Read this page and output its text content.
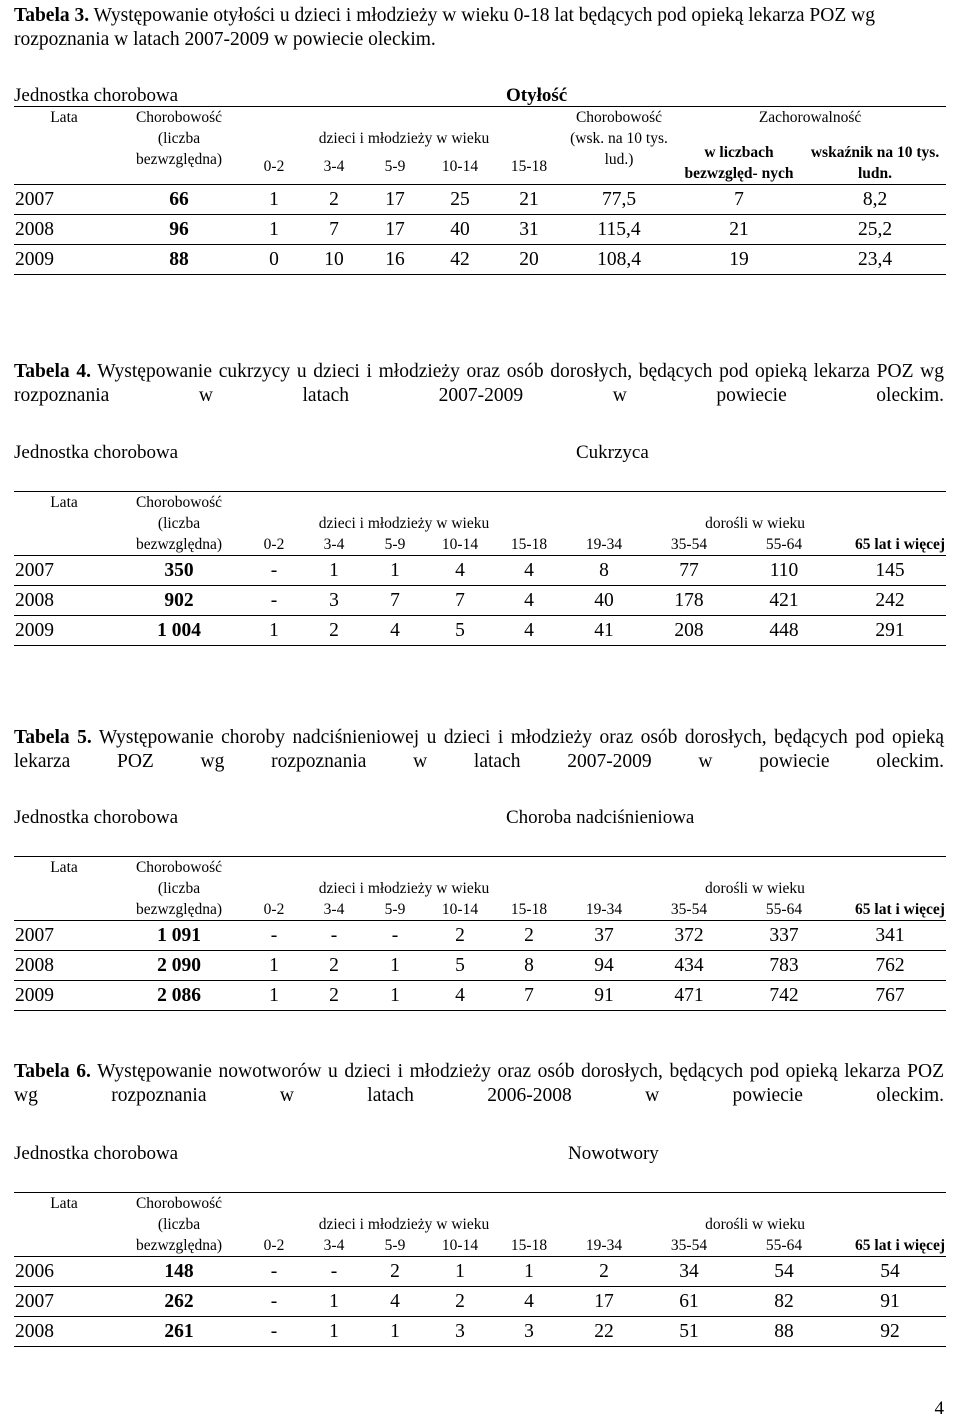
Tabela 3. Występowanie otyłości u dzieci i młodzieży w wieku 0-18 lat będących pod opieką lekarza POZ wg rozpoznania w latach 2007-2009 w powiecie oleckim.
Jednostka chorobowa			Otyłość						
Lata	Chorobowość (liczba bezwzględna)						Chorobowość (wsk. na 10 tys. lud.)	Zachorowalność	
		dzieci i młodzieży w wieku						w liczbach bezwzględ- nych	wskaźnik na 10 tys. ludn.
		0-2	3-4	5-9	10-14	15-18			
2007	66	1	2	17	25	21	77,5	7	8,2
2008	96	1	7	17	40	31	115,4	21	25,2
2009	88	0	10	16	42	20	108,4	19	23,4
Tabela 4. Występowanie cukrzycy u dzieci i młodzieży oraz osób dorosłych, będących pod opieką lekarza POZ wg rozpoznania w latach 2007-2009 w powiecie oleckim.
Jednostka chorobowa			Cukrzyca							
Lata	Chorobowość (liczba bezwzględna)									
		dzieci i młodzieży w wieku					dorośli w wieku			
		0-2	3-4	5-9	10-14	15-18	19-34	35-54	55-64	65 lat i więcej
2007	350	-	1	1	4	4	8	77	110	145
2008	902	-	3	7	7	4	40	178	421	242
2009	1 004	1	2	4	5	4	41	208	448	291
Tabela 5. Występowanie choroby nadciśnieniowej u dzieci i młodzieży oraz osób dorosłych, będących pod opieką lekarza POZ wg rozpoznania w latach 2007-2009 w powiecie oleckim.
Jednostka chorobowa			Choroba nadciśnieniowa							
Lata	Chorobowość (liczba bezwzględna)									
		dzieci i młodzieży w wieku					dorośli w wieku			
		0-2	3-4	5-9	10-14	15-18	19-34	35-54	55-64	65 lat i więcej
2007	1 091	-	-	-	2	2	37	372	337	341
2008	2 090	1	2	1	5	8	94	434	783	762
2009	2 086	1	2	1	4	7	91	471	742	767
Tabela 6. Występowanie nowotworów u dzieci i młodzieży oraz osób dorosłych, będących pod opieką lekarza POZ wg rozpoznania w latach 2006-2008 w powiecie oleckim.
Jednostka chorobowa			Nowotwory							
Lata	Chorobowość (liczba bezwzględna)									
		dzieci i młodzieży w wieku					dorośli w wieku			
		0-2	3-4	5-9	10-14	15-18	19-34	35-54	55-64	65 lat i więcej
2006	148	-	-	2	1	1	2	34	54	54
2007	262	-	1	4	2	4	17	61	82	91
2008	261	-	1	1	3	3	22	51	88	92
4
